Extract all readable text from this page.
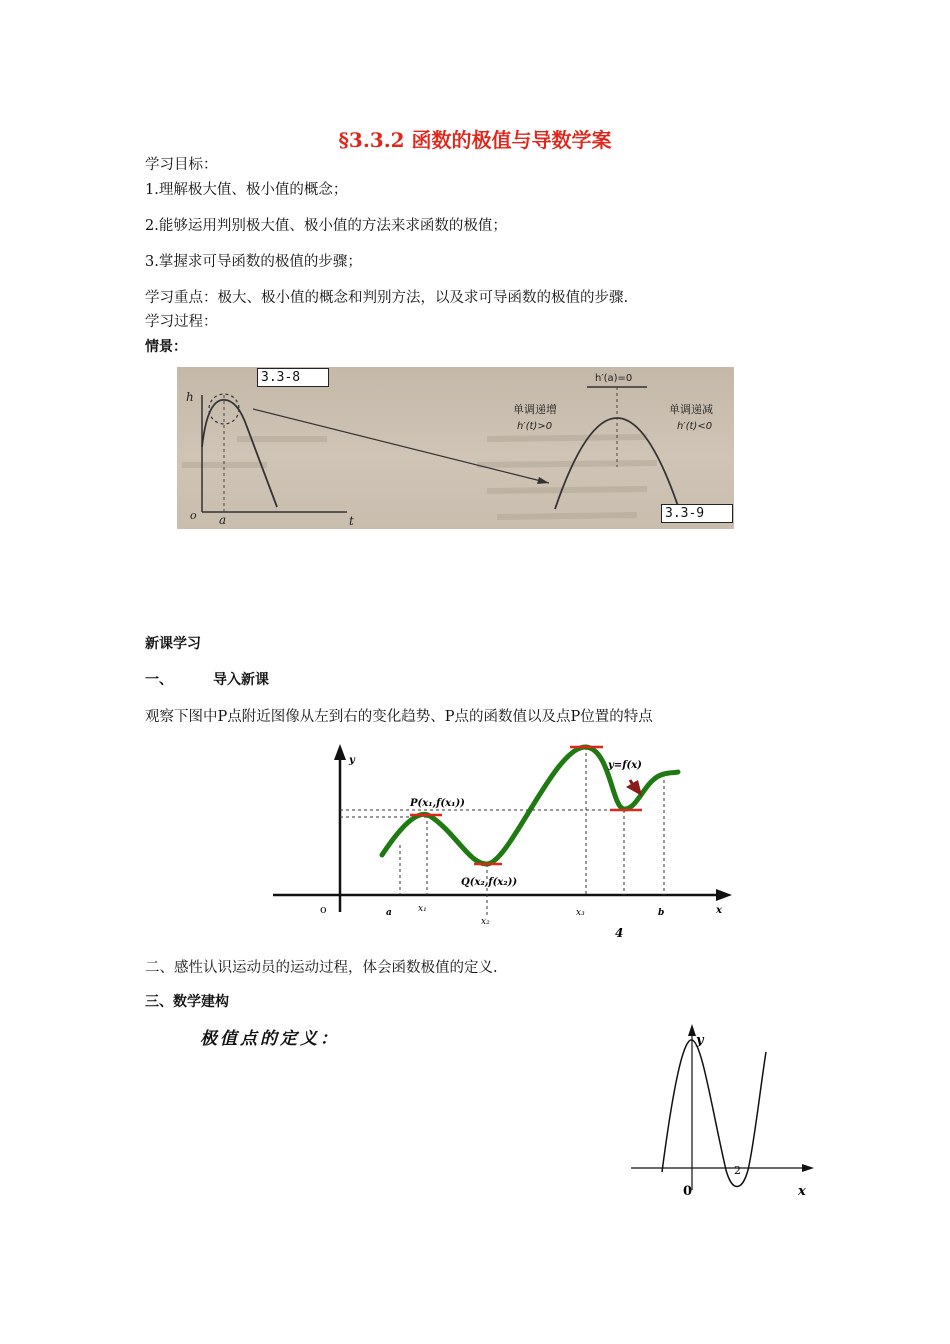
§3.3.2 函数的极值与导数学案
学习目标：
1.理解极大值、极小值的概念；
2.能够运用判别极大值、极小值的方法来求函数的极值；
3.掌握求可导函数的极值的步骤；
学习重点：极大、极小值的概念和判别方法，以及求可导函数的极值的步骤.
学习过程：
情景：
h
t
o a
h′(a)=0
单调递增
h′(t)>0
单调递减
h′(t)<0
3.3-8
3.3-9
新课学习
一、	导入新课
观察下图中P点附近图像从左到右的变化趋势、P点的函数值以及点P位置的特点
y
x
o	a	x₁
x₂
x₃	b
P(x₁,f(x₁))
Q(x₂,f(x₂))
y=f(x)
4
二、感性认识运动员的运动过程，体会函数极值的定义.
三、数学建构
极值点的定义：	y
x
0
2
